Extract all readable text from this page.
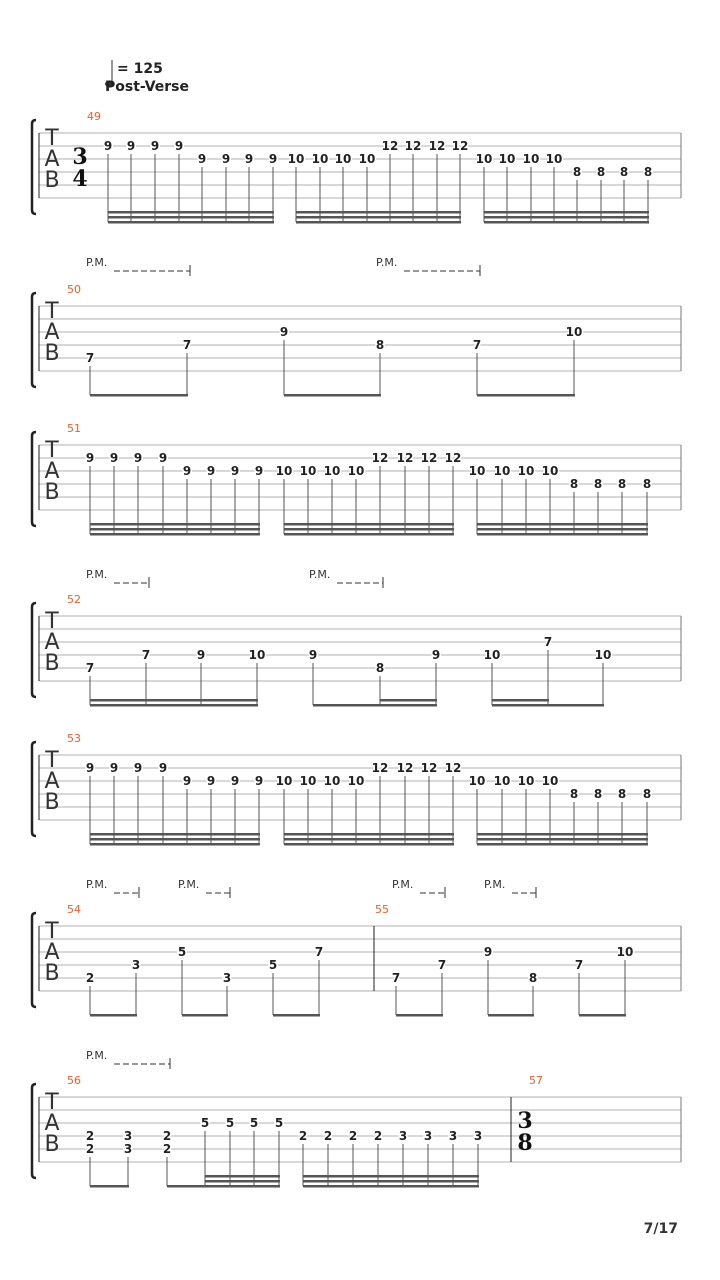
= 125
Post-Verse
T
A
B
49
3
4
9 9 9 9
9 9 9 9 10 10 10 10
12 12 12 12
10 10 10 10
8 8 8 8
T
A
B
50
7
7
9
8	7
10
P.M.	P.M.
T
A
B
51
9 9 9 9
9 9 9 9 10 10 10 10
12 12 12 12
10 10 10 10
8 8 8 8
T
A
B
52
7
7	9	10	9
8
9	10
7
10
P.M.	P.M.
T
A
B
53
9 9 9 9
9 9 9 9 10 10 10 10
12 12 12 12
10 10 10 10
8 8 8 8
T
A
B
54	55
2
3
5
3
5
7
7
7
9
8
7
10
P.M.	P.M.	P.M.	P.M.
T
A
B
56	57
3
8
2
2
3
3
2
2
5 5 5 5
2 2 2 2 3 3 3 3
P.M.
7/17
